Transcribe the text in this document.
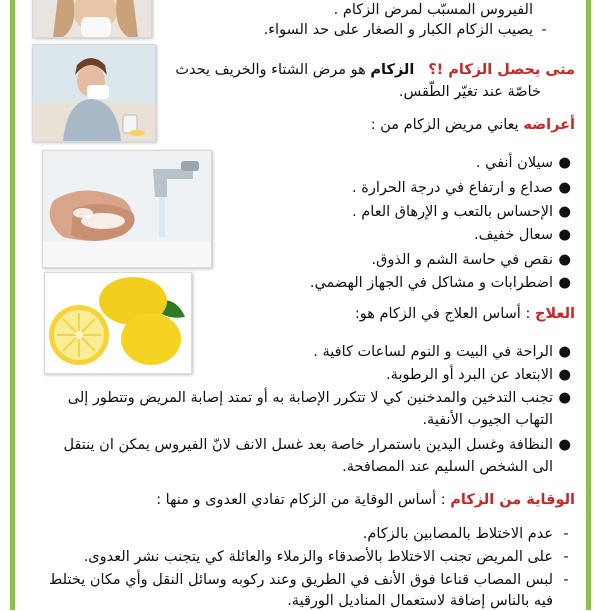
الفيروس المسبّب لمرض الزكام .
-يصيب الزكام الكبار و الصغار على حد السواء.
متى يحصل الزكام !؟   الزكام هو مرض الشتاء والخريف يحدث
خاصّة عند تغيّر الطّقس.
أعراضه يعاني مريض الزكام من :
●
سيلان أنفي .
●
صداع و ارتفاع في درجة الحرارة .
●
الإحساس بالتعب و الإرهاق العام .
●
سعال خفيف.
●
نقص في حاسة الشم و الذوق.
●
اضطرابات و مشاكل في الجهاز الهضمي.
العلاج : أساس العلاج في الزكام هو:
●
الراحة في البيت و النوم لساعات كافية .
●
الابتعاد عن البرد أو الرطوبة.
●
تجنب التدخين والمدخنين كي لا تتكرر الإصابة به أو تمتد إصابة المريض وتتطور إلى
التهاب الجيوب الأنفية.
●
النظافة وغسل اليدين باستمرار خاصة بعد غسل الانف لانّ الفيروس يمكن ان ينتقل
الى الشخص السليم عند المصافحة.
الوقاية من الزكام : أساس الوقاية من الزكام تفادي العدوى و منها :
-
عدم الاختلاط بالمصابين بالزكام.
-
على المريض تجنب الاختلاط بالأصدقاء والزملاء والعائلة كي يتجنب نشر العدوى.
-
لبس المصاب قناعا فوق الأنف في الطريق وعند ركوبه وسائل النقل وأي مكان يختلط
فيه بالناس إضافة لاستعمال المناديل الورقية.
